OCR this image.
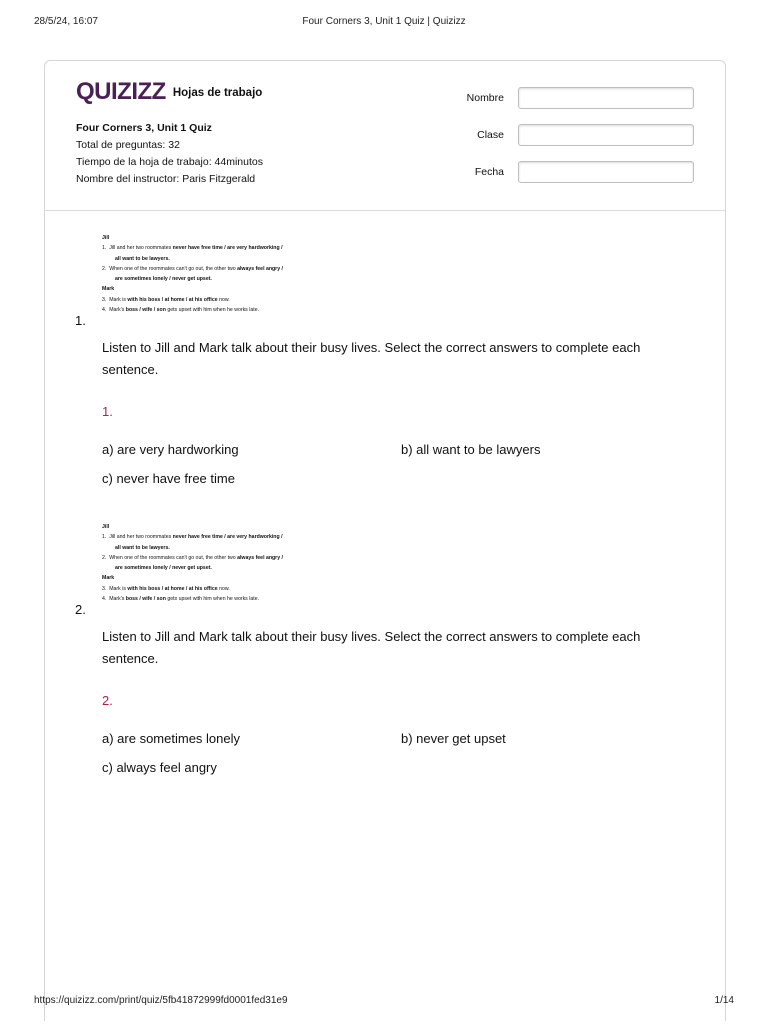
28/5/24, 16:07	Four Corners 3, Unit 1 Quiz | Quizizz
QUIZIZZ Hojas de trabajo
Four Corners 3, Unit 1 Quiz
Total de preguntas: 32
Tiempo de la hoja de trabajo: 44minutos
Nombre del instructor: Paris Fitzgerald
Nombre
Clase
Fecha
Jill
1.  Jill and her two roommates never have free time / are very hardworking /
all want to be lawyers.
2.  When one of the roommates can't go out, the other two always feel angry /
are sometimes lonely / never get upset.
Mark
3.  Mark is with his boss / at home / at his office now.
4.  Mark's boss / wife / son gets upset with him when he works late.
1.
Listen to Jill and Mark talk about their busy lives. Select the correct answers to complete each sentence.
1.
a) are very hardworking	b) all want to be lawyers
c) never have free time
Jill
1.  Jill and her two roommates never have free time / are very hardworking /
all want to be lawyers.
2.  When one of the roommates can't go out, the other two always feel angry /
are sometimes lonely / never get upset.
Mark
3.  Mark is with his boss / at home / at his office now.
4.  Mark's boss / wife / son gets upset with him when he works late.
2.
Listen to Jill and Mark talk about their busy lives. Select the correct answers to complete each sentence.
2.
a) are sometimes lonely	b) never get upset
c) always feel angry
https://quizizz.com/print/quiz/5fb41872999fd0001fed31e9	1/14
